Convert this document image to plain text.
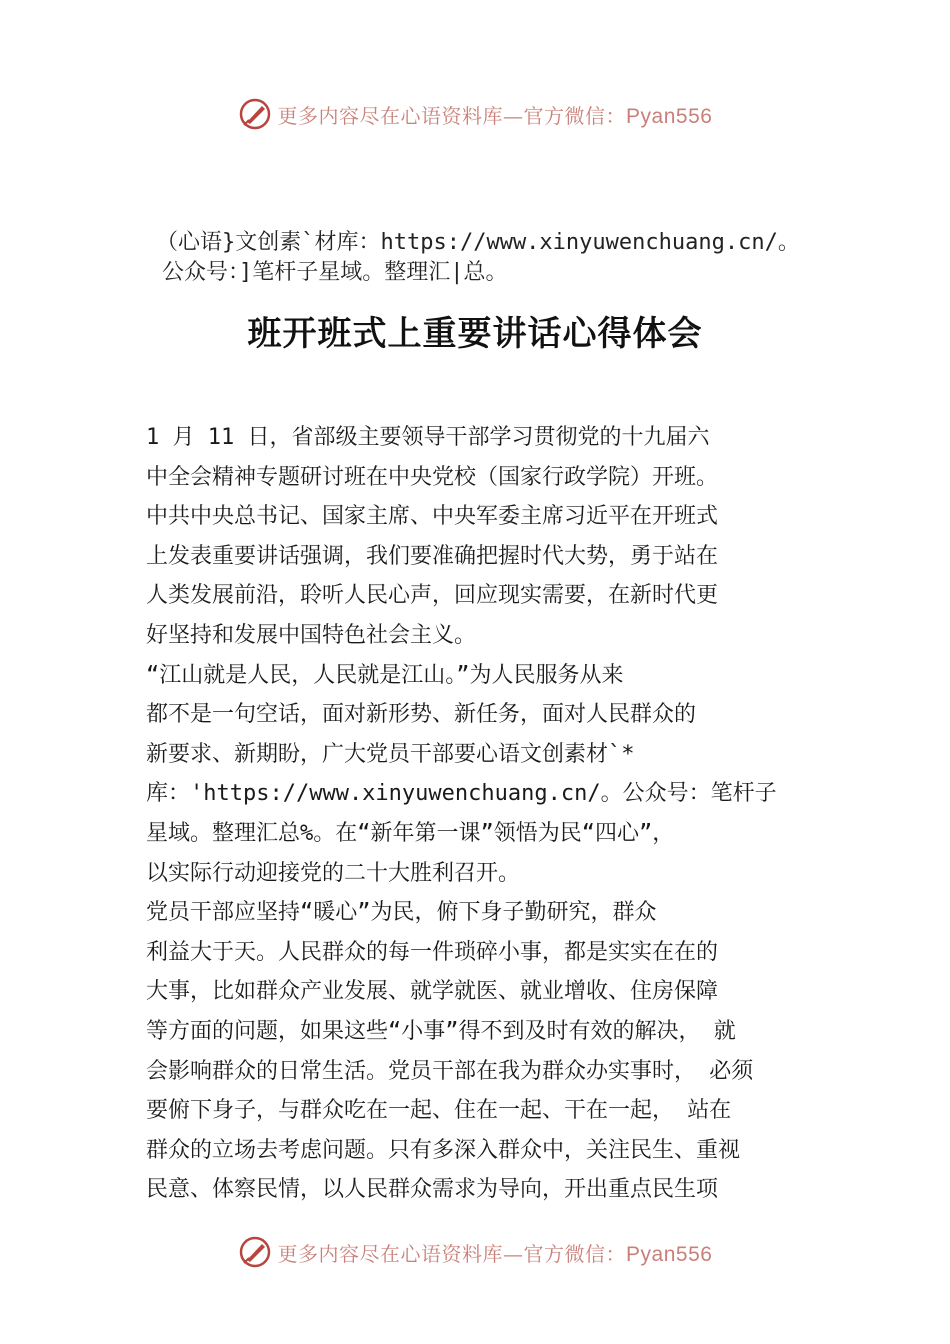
更多内容尽在心语资料库—官方微信：Pyan556
（心语}文创素`材库：https://www.xinyuwenchuang.cn/。
公众号：]笔杆子星域。整理汇|总。
班开班式上重要讲话心得体会
1 月 11 日，省部级主要领导干部学习贯彻党的十九届六
中全会精神专题研讨班在中央党校（国家行政学院）开班。
中共中央总书记、国家主席、中央军委主席习近平在开班式
上发表重要讲话强调，我们要准确把握时代大势，勇于站在
人类发展前沿，聆听人民心声，回应现实需要，在新时代更
好坚持和发展中国特色社会主义。
“江山就是人民，人民就是江山。”为人民服务从来
都不是一句空话，面对新形势、新任务，面对人民群众的
新要求、新期盼，广大党员干部要心语文创素材`*
库：'https://www.xinyuwenchuang.cn/。公众号：笔杆子
星域。整理汇总%。在“新年第一课”领悟为民“四心”，
以实际行动迎接党的二十大胜利召开。
党员干部应坚持“暖心”为民，俯下身子勤研究，群众
利益大于天。人民群众的每一件琐碎小事，都是实实在在的
大事，比如群众产业发展、就学就医、就业增收、住房保障
等方面的问题，如果这些“小事”得不到及时有效的解决， 就
会影响群众的日常生活。党员干部在我为群众办实事时， 必须
要俯下身子，与群众吃在一起、住在一起、干在一起， 站在
群众的立场去考虑问题。只有多深入群众中，关注民生、重视
民意、体察民情，以人民群众需求为导向，开出重点民生项
更多内容尽在心语资料库—官方微信：Pyan556
